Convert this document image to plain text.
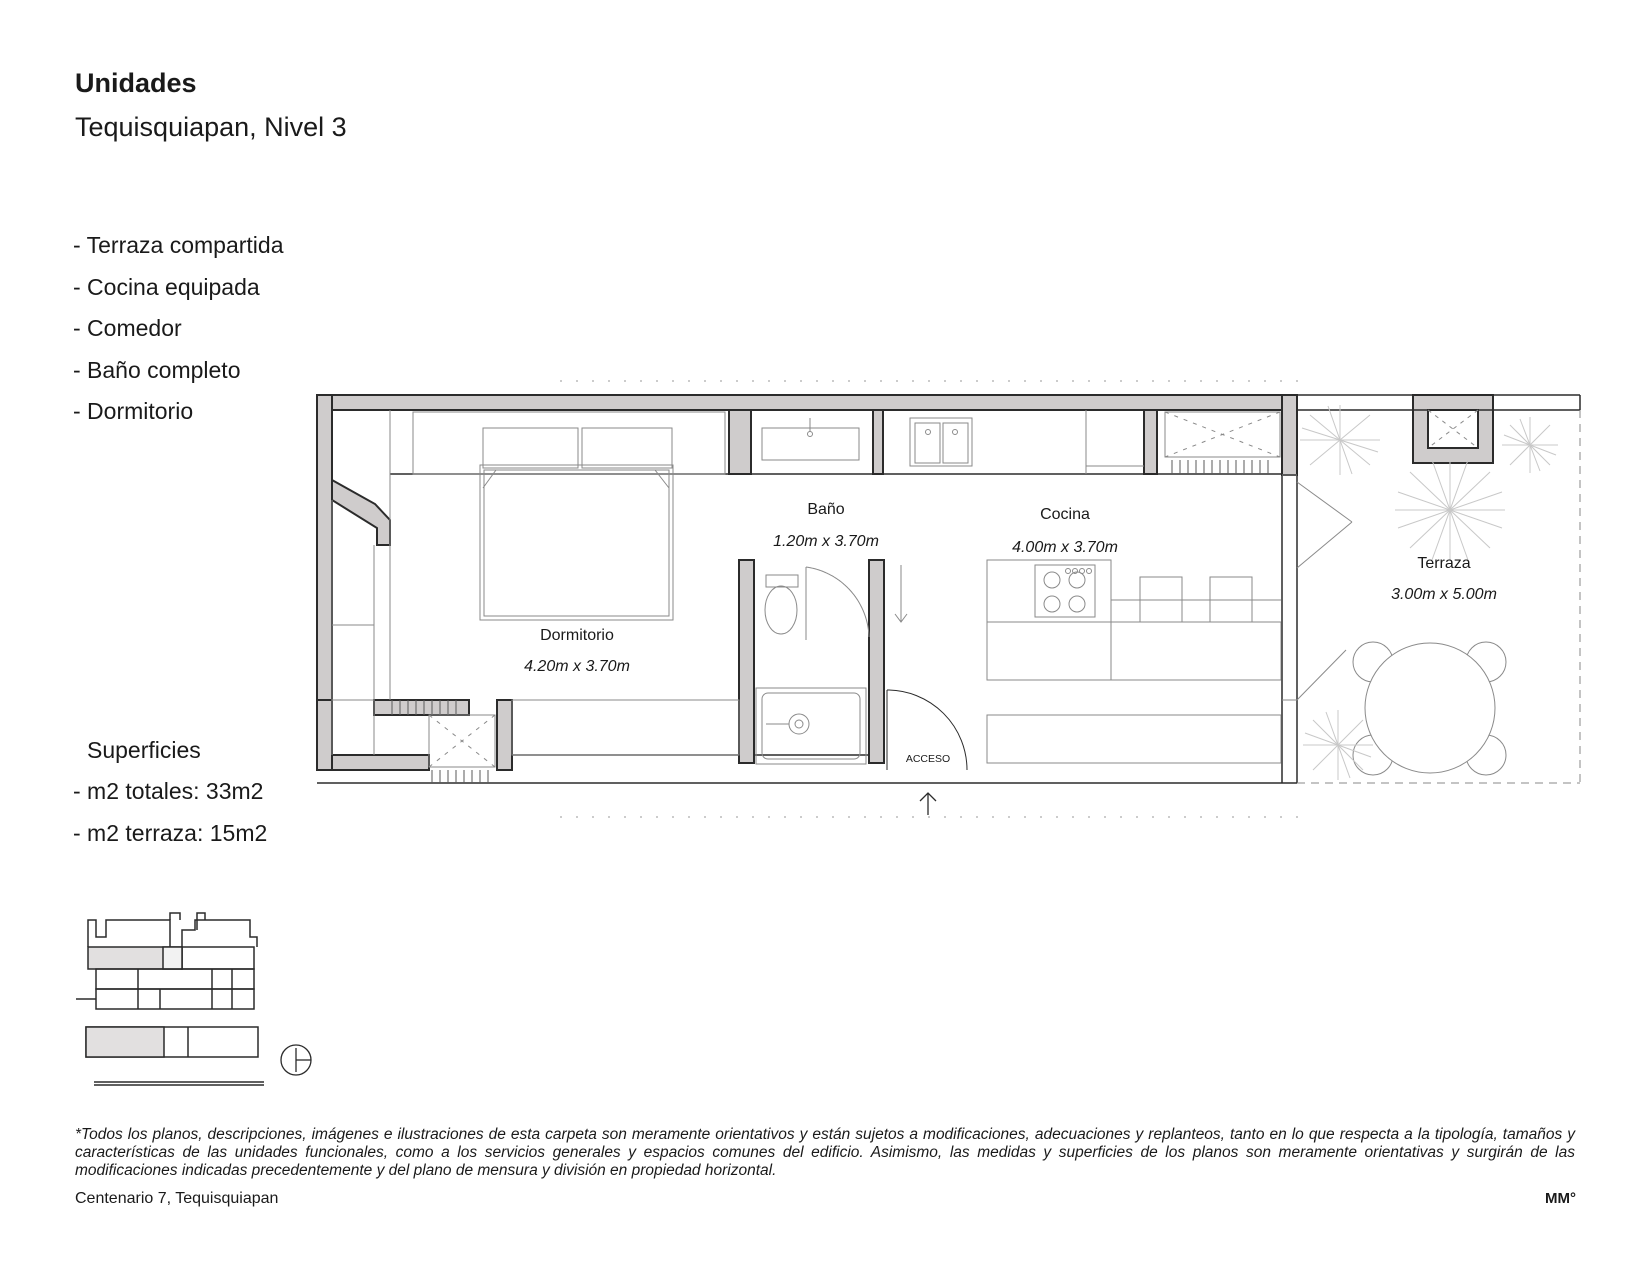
Unidades
Tequisquiapan, Nivel 3
- Terraza compartida
- Cocina equipada
- Comedor
- Baño completo
- Dormitorio
Superficies
- m2 totales: 33m2
- m2 terraza: 15m2
Dormitorio
4.20m x 3.70m
Baño
1.20m x 3.70m
Cocina
4.00m x 3.70m
Terraza
3.00m x 5.00m
ACCESO
*Todos los planos, descripciones, imágenes e ilustraciones de esta carpeta son meramente orientativos y están sujetos a modificaciones, adecuaciones y replanteos, tanto en lo que respecta a la tipología, tamaños y características de las unidades funcionales, como a los servicios generales y espacios comunes del edificio. Asimismo, las medidas y superficies de los planos son meramente orientativas y surgirán de las modificaciones indicadas precedentemente y del plano de mensura y división en propiedad horizontal.
Centenario 7, Tequisquiapan	MM°
